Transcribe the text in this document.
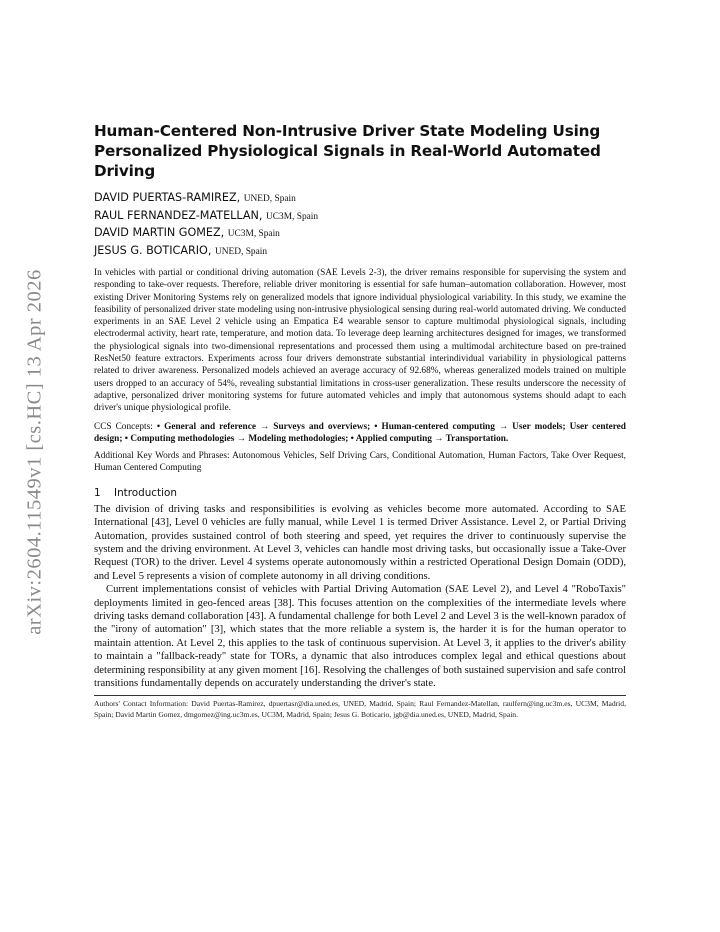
arXiv:2604.11549v1 [cs.HC] 13 Apr 2026
Human-Centered Non-Intrusive Driver State Modeling Using Personalized Physiological Signals in Real-World Automated Driving

DAVID PUERTAS-RAMIREZ, UNED, Spain

RAUL FERNANDEZ-MATELLAN, UC3M, Spain

DAVID MARTIN GOMEZ, UC3M, Spain

JESUS G. BOTICARIO, UNED, Spain

In vehicles with partial or conditional driving automation (SAE Levels 2-3), the driver remains responsible for supervising the system and responding to take-over requests. Therefore, reliable driver monitoring is essential for safe human–automation collaboration. However, most existing Driver Monitoring Systems rely on generalized models that ignore individual physiological variability. In this study, we examine the feasibility of personalized driver state modeling using non-intrusive physiological sensing during real-world automated driving. We conducted experiments in an SAE Level 2 vehicle using an Empatica E4 wearable sensor to capture multimodal physiological signals, including electrodermal activity, heart rate, temperature, and motion data. To leverage deep learning architectures designed for images, we transformed the physiological signals into two-dimensional representations and processed them using a multimodal architecture based on pre-trained ResNet50 feature extractors. Experiments across four drivers demonstrate substantial interindividual variability in physiological patterns related to driver awareness. Personalized models achieved an average accuracy of 92.68%, whereas generalized models trained on multiple users dropped to an accuracy of 54%, revealing substantial limitations in cross-user generalization. These results underscore the necessity of adaptive, personalized driver monitoring systems for future automated vehicles and imply that autonomous systems should adapt to each driver's unique physiological profile.

CCS Concepts: • General and reference → Surveys and overviews; • Human-centered computing → User models; User centered design; • Computing methodologies → Modeling methodologies; • Applied computing → Transportation.

Additional Key Words and Phrases: Autonomous Vehicles, Self Driving Cars, Conditional Automation, Human Factors, Take Over Request, Human Centered Computing

1 Introduction

The division of driving tasks and responsibilities is evolving as vehicles become more automated. According to SAE International [43], Level 0 vehicles are fully manual, while Level 1 is termed Driver Assistance. Level 2, or Partial Driving Automation, provides sustained control of both steering and speed, yet requires the driver to continuously supervise the system and the driving environment. At Level 3, vehicles can handle most driving tasks, but occasionally issue a Take-Over Request (TOR) to the driver. Level 4 systems operate autonomously within a restricted Operational Design Domain (ODD), and Level 5 represents a vision of complete autonomy in all driving conditions.

Current implementations consist of vehicles with Partial Driving Automation (SAE Level 2), and Level 4 "RoboTaxis" deployments limited in geo-fenced areas [38]. This focuses attention on the complexities of the intermediate levels where driving tasks demand collaboration [43]. A fundamental challenge for both Level 2 and Level 3 is the well-known paradox of the "irony of automation" [3], which states that the more reliable a system is, the harder it is for the human operator to maintain attention. At Level 2, this applies to the task of continuous supervision. At Level 3, it applies to the driver's ability to maintain a "fallback-ready" state for TORs, a dynamic that also introduces complex legal and ethical questions about determining responsibility at any given moment [16]. Resolving the challenges of both sustained supervision and safe control transitions fundamentally depends on accurately understanding the driver's state.

Authors' Contact Information: David Puertas-Ramirez, dpuertasr@dia.uned.es, UNED, Madrid, Spain; Raul Fernandez-Matellan, raulfern@ing.uc3m.es, UC3M, Madrid, Spain; David Martin Gomez, dmgomez@ing.uc3m.es, UC3M, Madrid, Spain; Jesus G. Boticario, jgb@dia.uned.es, UNED, Madrid, Spain.
